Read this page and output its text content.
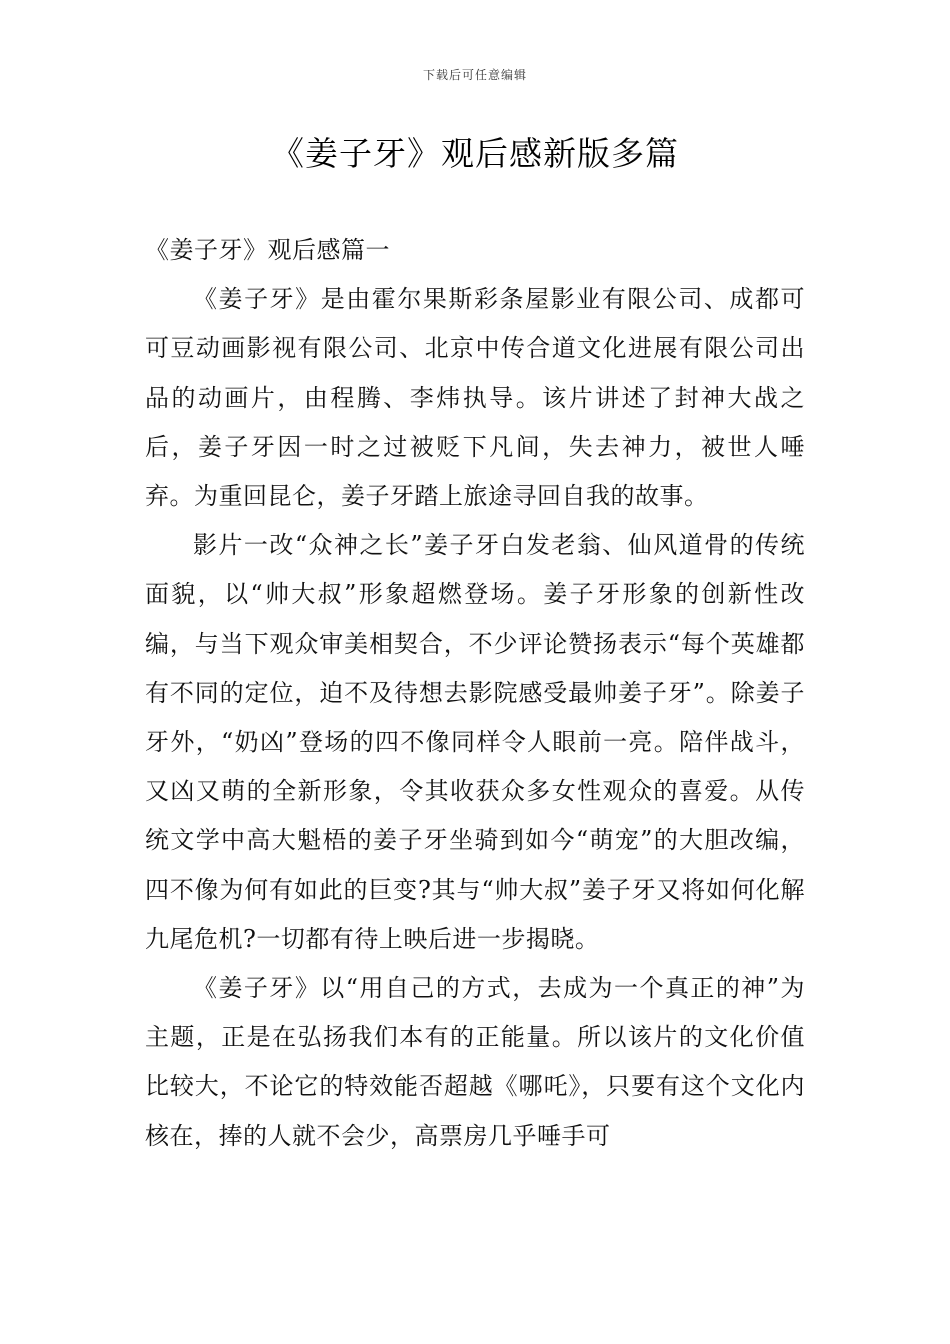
下载后可任意编辑
《姜子牙》观后感新版多篇

《姜子牙》观后感篇一

《姜子牙》是由霍尔果斯彩条屋影业有限公司、成都可可豆动画影视有限公司、北京中传合道文化进展有限公司出品的动画片，由程腾、李炜执导。该片讲述了封神大战之后，姜子牙因一时之过被贬下凡间，失去神力，被世人唾弃。为重回昆仑，姜子牙踏上旅途寻回自我的故事。

影片一改“众神之长”姜子牙白发老翁、仙风道骨的传统面貌，以“帅大叔”形象超燃登场。姜子牙形象的创新性改编，与当下观众审美相契合，不少评论赞扬表示“每个英雄都有不同的定位，迫不及待想去影院感受最帅姜子牙”。除姜子牙外，“奶凶”登场的四不像同样令人眼前一亮。陪伴战斗，又凶又萌的全新形象，令其收获众多女性观众的喜爱。从传统文学中高大魁梧的姜子牙坐骑到如今“萌宠”的大胆改编，四不像为何有如此的巨变?其与“帅大叔”姜子牙又将如何化解九尾危机?一切都有待上映后进一步揭晓。

《姜子牙》以“用自己的方式，去成为一个真正的神”为主题，正是在弘扬我们本有的正能量。所以该片的文化价值比较大，不论它的特效能否超越《哪吒》，只要有这个文化内核在，捧的人就不会少，高票房几乎唾手可
